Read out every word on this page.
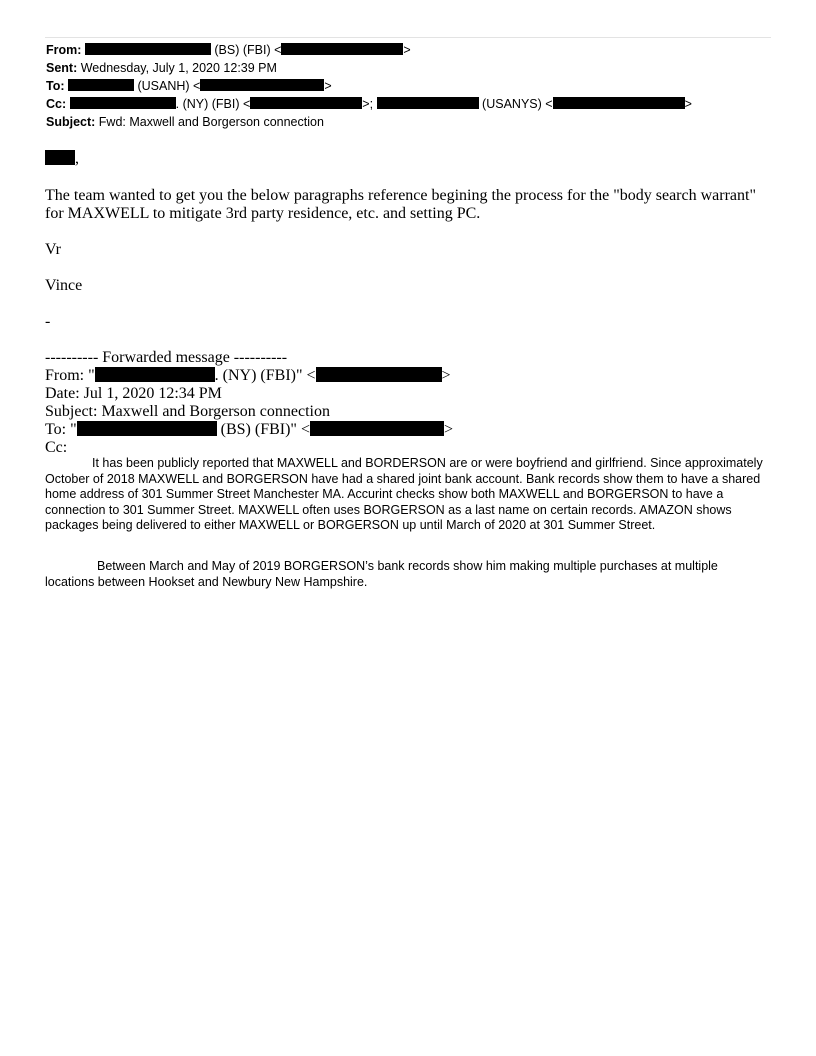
From:	(BS) (FBI) <	>
Sent: Wednesday, July 1, 2020 12:39 PM
To:	(USANH) <	>
Cc:	. (NY) (FBI) <	>;	(USANYS) <	>
Subject: Fwd: Maxwell and Borgerson connection
,
The team wanted to get you the below paragraphs reference begining the process for the "body search warrant" for MAXWELL to mitigate 3rd party residence, etc. and setting PC.
Vr
Vince
-
---------- Forwarded message ----------
From: "	. (NY) (FBI)" <	>
Date: Jul 1, 2020 12:34 PM
Subject: Maxwell and Borgerson connection
To: "	(BS) (FBI)" <	>
Cc:
It has been publicly reported that MAXWELL and BORDERSON are or were boyfriend and girlfriend. Since approximately October of 2018 MAXWELL and BORGERSON have had a shared joint bank account. Bank records show them to have a shared home address of 301 Summer Street Manchester MA. Accurint checks show both MAXWELL and BORGERSON to have a connection to 301 Summer Street. MAXWELL often uses BORGERSON as a last name on certain records. AMAZON shows packages being delivered to either MAXWELL or BORGERSON up until March of 2020 at 301 Summer Street.
Between March and May of 2019 BORGERSON’s bank records show him making multiple purchases at multiple locations between Hookset and Newbury New Hampshire.
